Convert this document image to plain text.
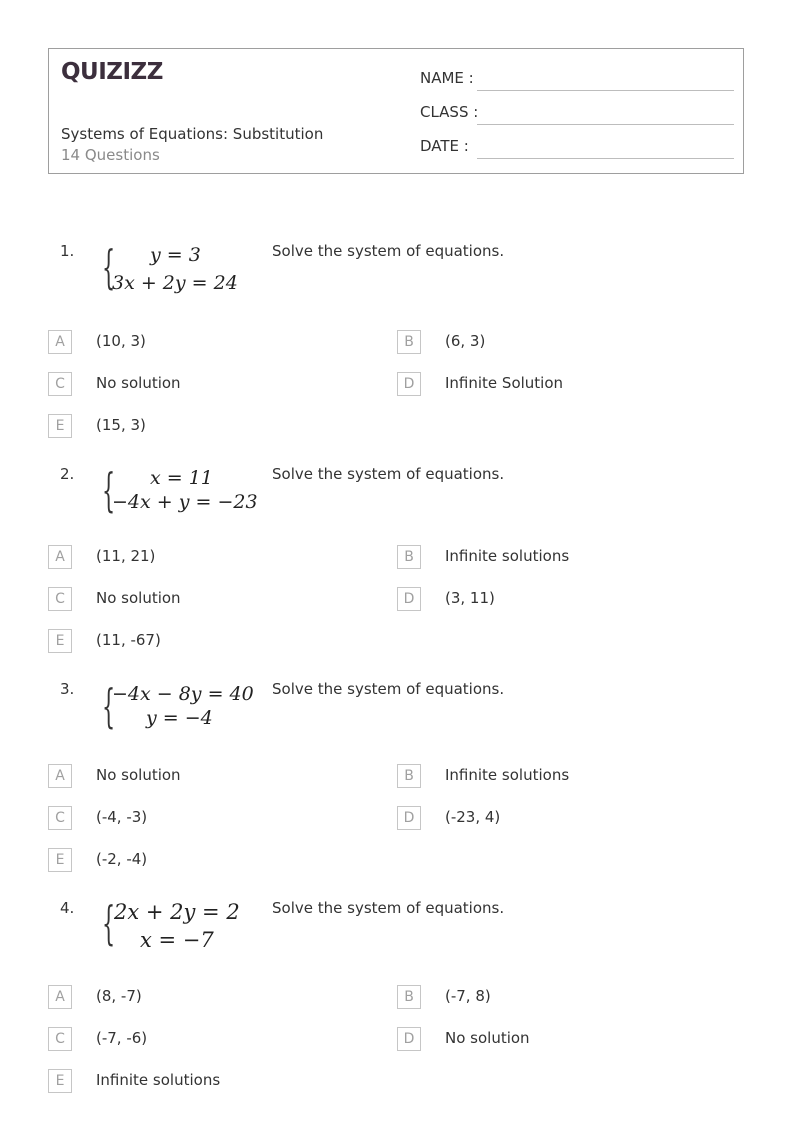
QUIZIZZ
Systems of Equations: Substitution
14 Questions
NAME :
CLASS :
DATE :
1. { y = 3
3x + 2y = 24
Solve the system of equations.
A	(10, 3)	B	(6, 3)
C	No solution	D	Infinite Solution
E	(15, 3)
2. { x = 11
−4x + y = −23
Solve the system of equations.
A	(11, 21)	B	Infinite solutions
C	No solution	D	(3, 11)
E	(11, -67)
3. {
−4x − 8y = 40
y = −4
Solve the system of equations.
A	No solution	B	Infinite solutions
C	(-4, -3)	D	(-23, 4)
E	(-2, -4)
4. {
2x + 2y = 2
x = −7
Solve the system of equations.
A	(8, -7)	B	(-7, 8)
C	(-7, -6)	D	No solution
E	Infinite solutions
